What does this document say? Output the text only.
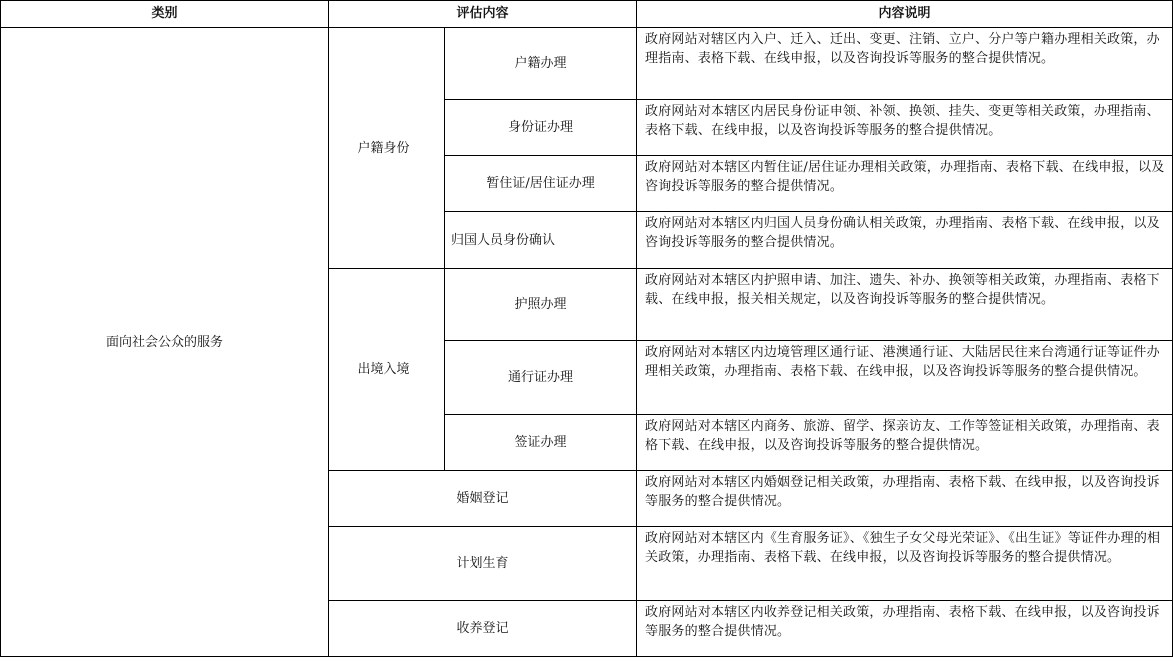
类别	评估内容		内容说明
面向社会公众的服务	户籍身份	户籍办理	政府网站对辖区内入户、迁入、迁出、变更、注销、立户、分户等户籍办理相关政策，办理指南、表格下载、在线申报，以及咨询投诉等服务的整合提供情况。
		身份证办理	政府网站对本辖区内居民身份证申领、补领、换领、挂失、变更等相关政策，办理指南、表格下载、在线申报，以及咨询投诉等服务的整合提供情况。
		暂住证/居住证办理	政府网站对本辖区内暂住证/居住证办理相关政策，办理指南、表格下载、在线申报，以及咨询投诉等服务的整合提供情况。
		归国人员身份确认	政府网站对本辖区内归国人员身份确认相关政策，办理指南、表格下载、在线申报，以及咨询投诉等服务的整合提供情况。
	出境入境	护照办理	政府网站对本辖区内护照申请、加注、遗失、补办、换领等相关政策，办理指南、表格下载、在线申报，报关相关规定，以及咨询投诉等服务的整合提供情况。
		通行证办理	政府网站对本辖区内边境管理区通行证、港澳通行证、大陆居民往来台湾通行证等证件办理相关政策，办理指南、表格下载、在线申报，以及咨询投诉等服务的整合提供情况。
		签证办理	政府网站对本辖区内商务、旅游、留学、探亲访友、工作等签证相关政策，办理指南、表格下载、在线申报，以及咨询投诉等服务的整合提供情况。
	婚姻登记		政府网站对本辖区内婚姻登记相关政策，办理指南、表格下载、在线申报，以及咨询投诉等服务的整合提供情况。
	计划生育		政府网站对本辖区内《生育服务证》、《独生子女父母光荣证》、《出生证》等证件办理的相关政策，办理指南、表格下载、在线申报，以及咨询投诉等服务的整合提供情况。
	收养登记		政府网站对本辖区内收养登记相关政策，办理指南、表格下载、在线申报，以及咨询投诉等服务的整合提供情况。
